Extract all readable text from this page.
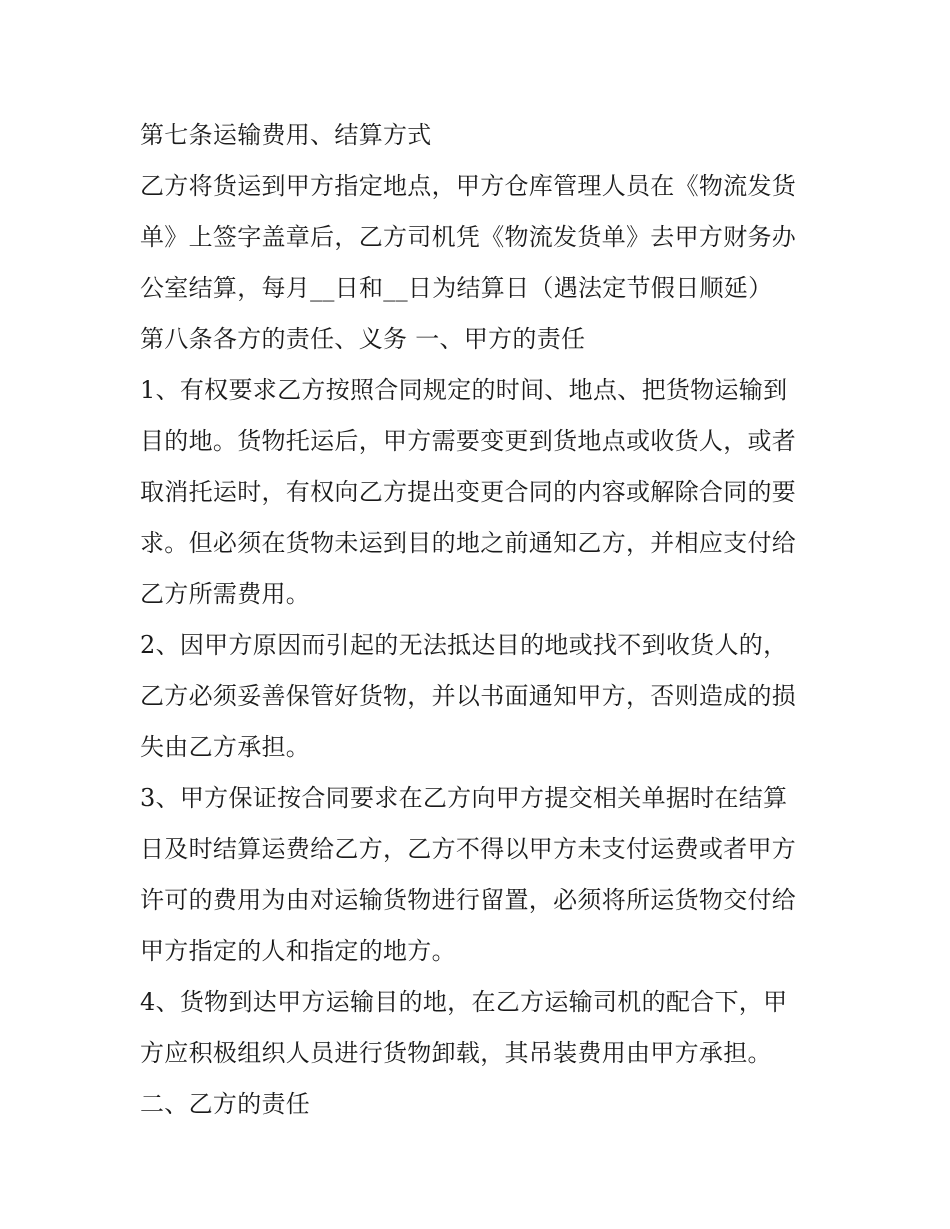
第七条运输费用、结算方式

乙方将货运到甲方指定地点，甲方仓库管理人员在《物流发货
单》上签字盖章后，乙方司机凭《物流发货单》去甲方财务办
公室结算，每月__日和__日为结算日（遇法定节假日顺延）

第八条各方的责任、义务 一、甲方的责任

1、有权要求乙方按照合同规定的时间、地点、把货物运输到
目的地。货物托运后，甲方需要变更到货地点或收货人，或者
取消托运时，有权向乙方提出变更合同的内容或解除合同的要
求。但必须在货物未运到目的地之前通知乙方，并相应支付给
乙方所需费用。

2、因甲方原因而引起的无法抵达目的地或找不到收货人的，
乙方必须妥善保管好货物，并以书面通知甲方，否则造成的损
失由乙方承担。

3、甲方保证按合同要求在乙方向甲方提交相关单据时在结算
日及时结算运费给乙方，乙方不得以甲方未支付运费或者甲方
许可的费用为由对运输货物进行留置，必须将所运货物交付给
甲方指定的人和指定的地方。

4、货物到达甲方运输目的地，在乙方运输司机的配合下，甲
方应积极组织人员进行货物卸载，其吊装费用由甲方承担。

二、乙方的责任
